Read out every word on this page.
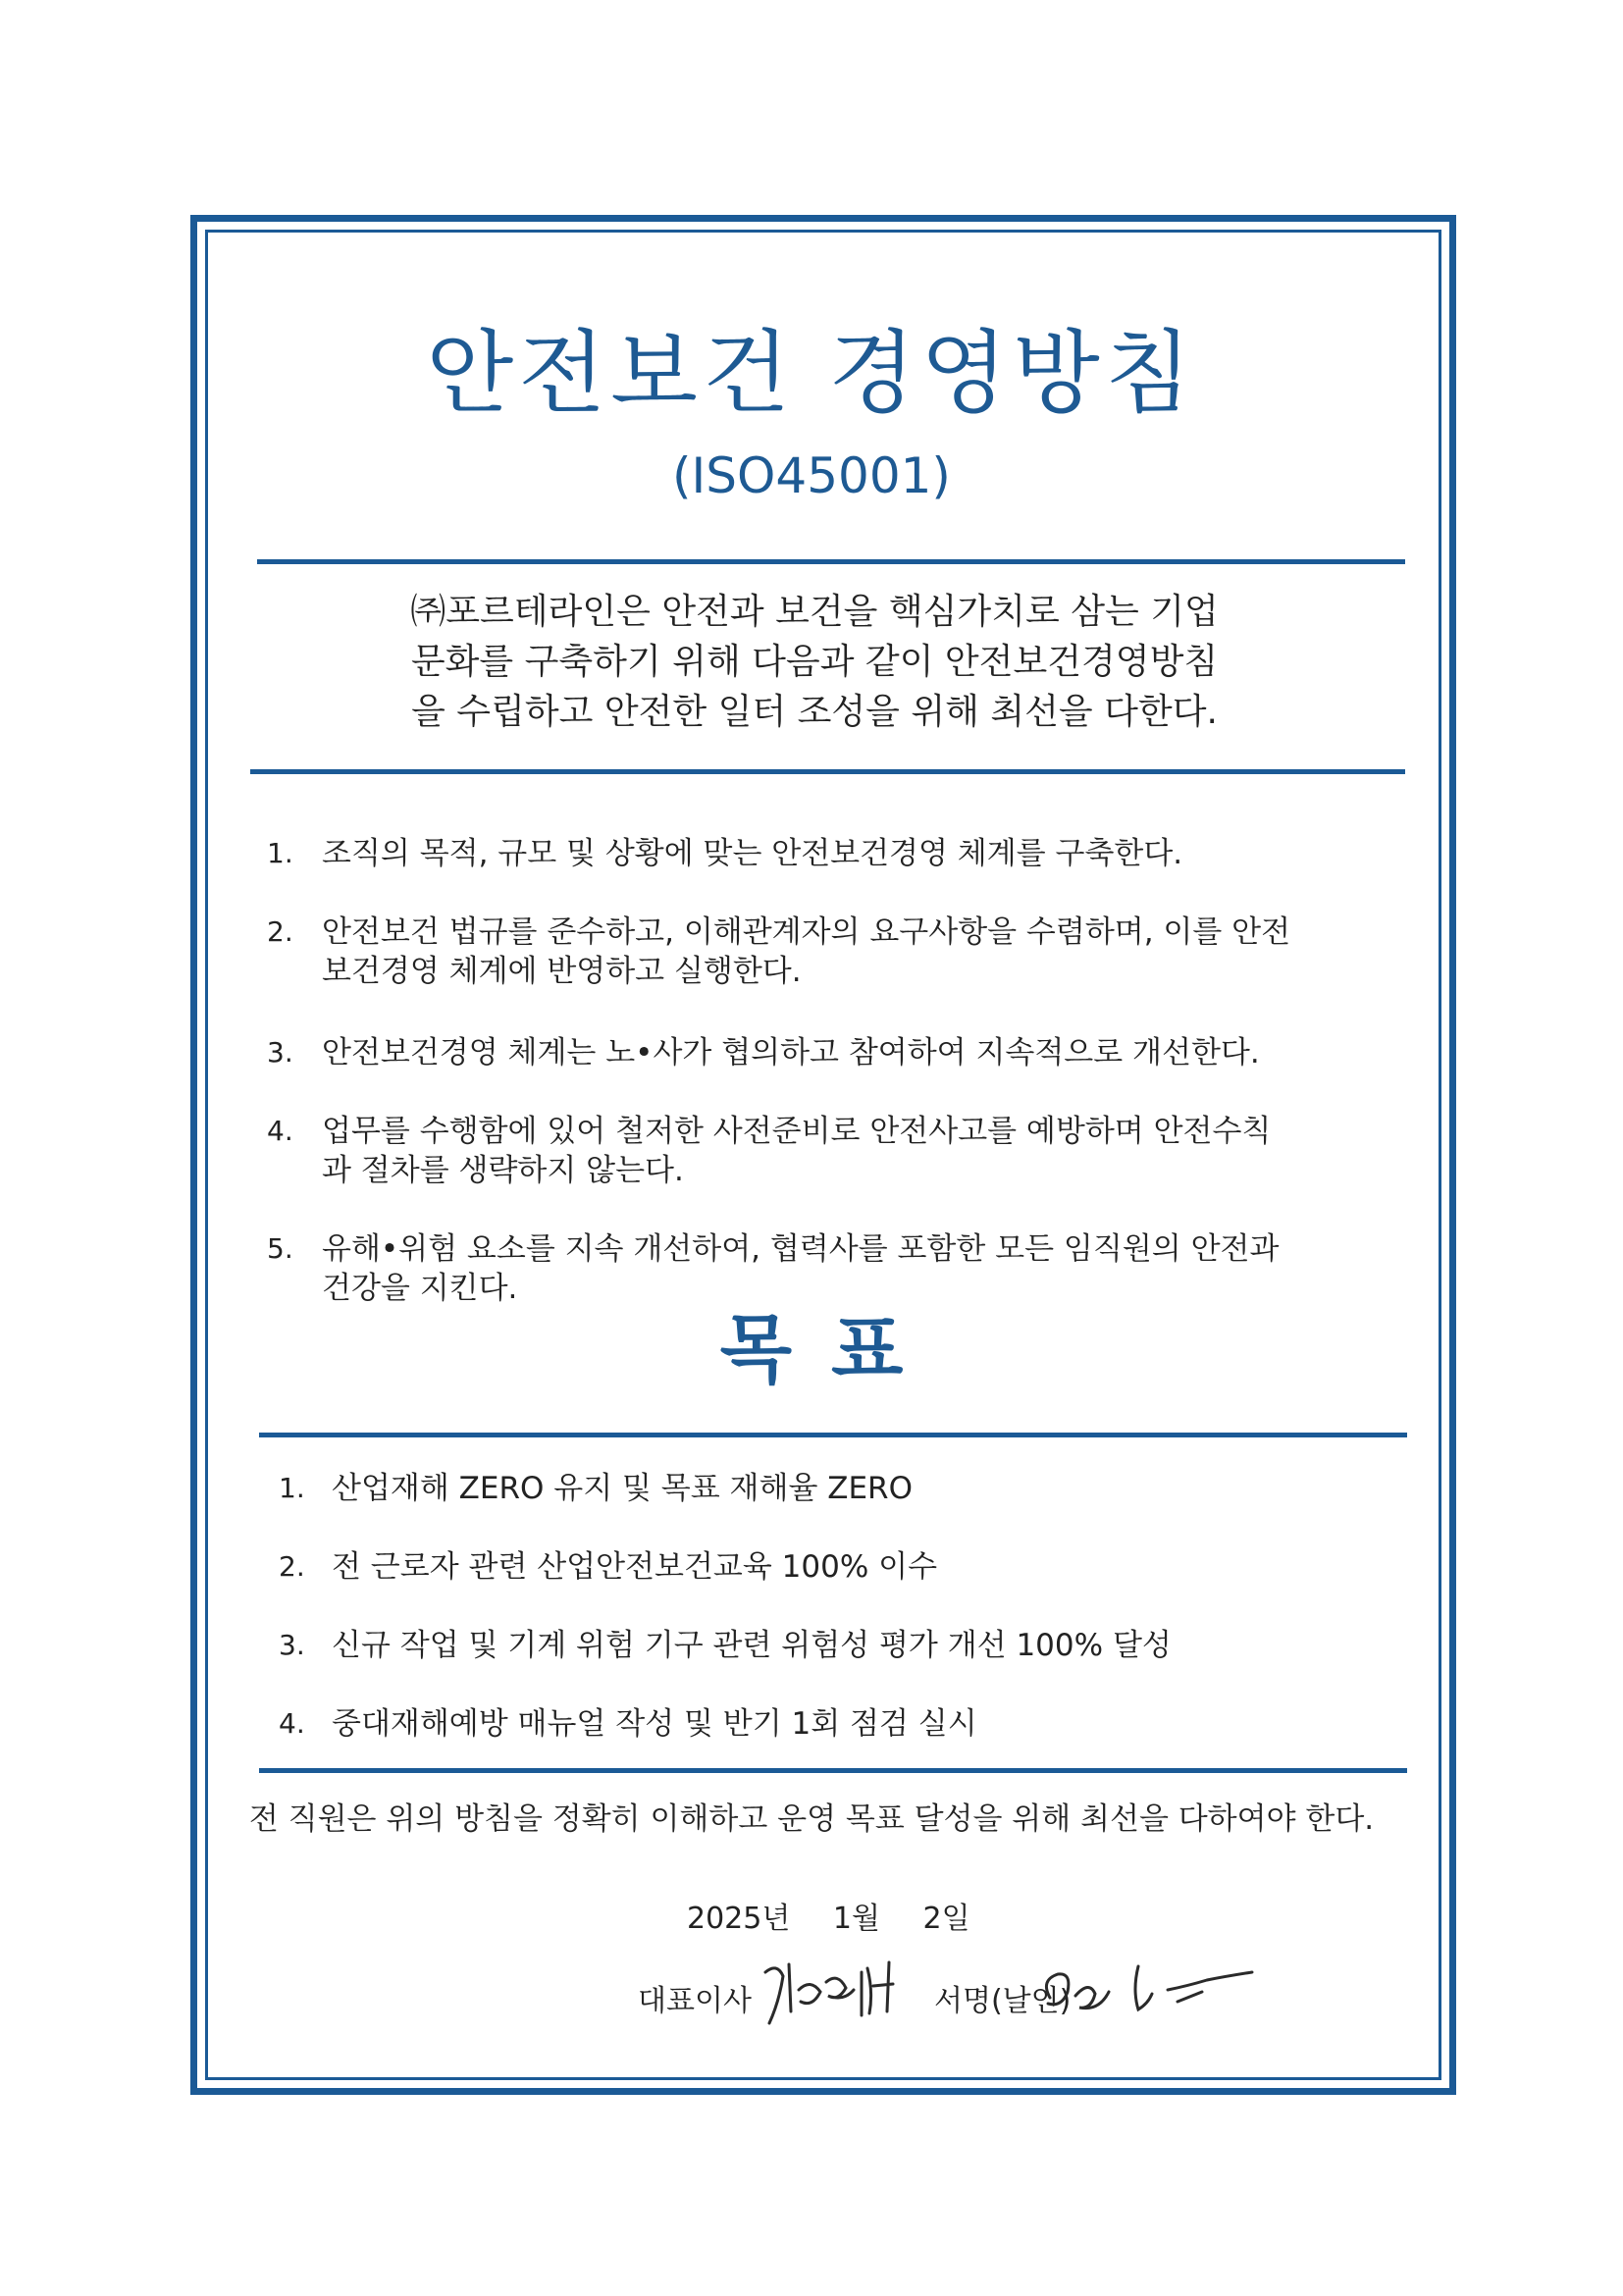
안전보건 경영방침
(ISO45001)
㈜포르테라인은 안전과 보건을 핵심가치로 삼는 기업
문화를 구축하기 위해 다음과 같이 안전보건경영방침
을 수립하고 안전한 일터 조성을 위해 최선을 다한다.
1. 조직의 목적, 규모 및 상황에 맞는 안전보건경영 체계를 구축한다.
2. 안전보건 법규를 준수하고, 이해관계자의 요구사항을 수렴하며, 이를 안전
보건경영 체계에 반영하고 실행한다.
3. 안전보건경영 체계는 노•사가 협의하고 참여하여 지속적으로 개선한다.
4. 업무를 수행함에 있어 철저한 사전준비로 안전사고를 예방하며 안전수칙
과 절차를 생략하지 않는다.
5. 유해•위험 요소를 지속 개선하여, 협력사를 포함한 모든 임직원의 안전과
건강을 지킨다.
목표
1. 산업재해 ZERO 유지 및 목표 재해율 ZERO
2. 전 근로자 관련 산업안전보건교육 100% 이수
3. 신규 작업 및 기계 위험 기구 관련 위험성 평가 개선 100% 달성
4. 중대재해예방 매뉴얼 작성 및 반기 1회 점검 실시
전 직원은 위의 방침을 정확히 이해하고 운영 목표 달성을 위해 최선을 다하여야 한다.
2025년 1월 2일
대표이사	서명(날인)
